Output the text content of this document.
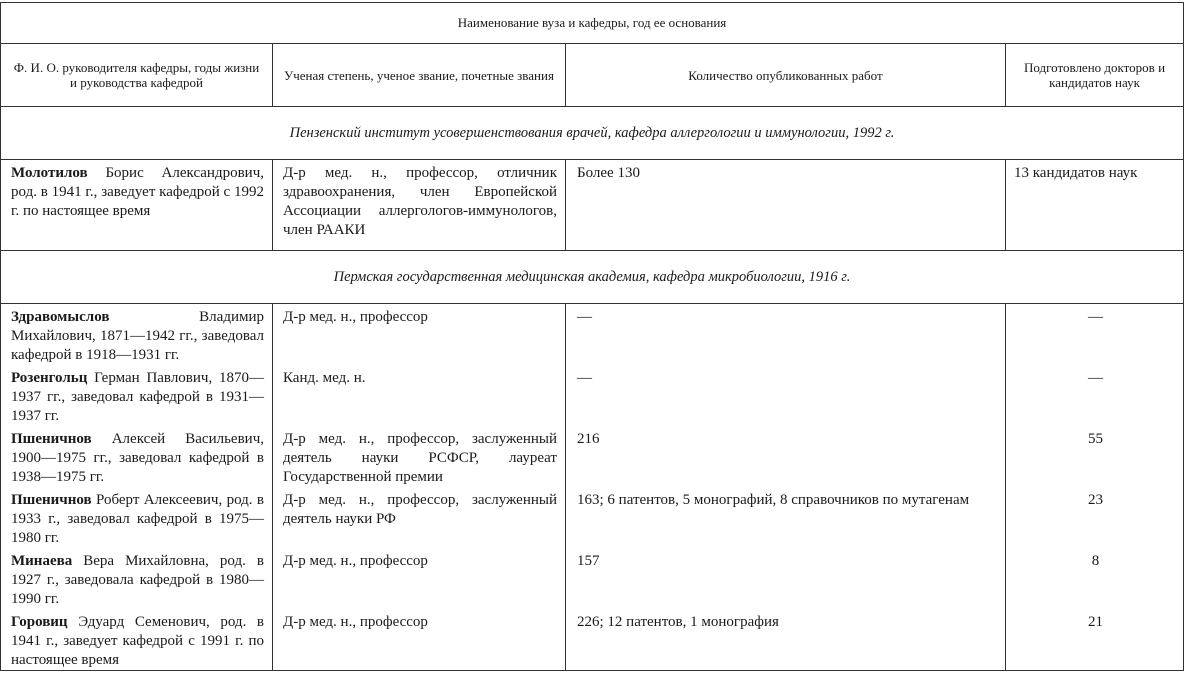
Наименование вуза и кафедры, год ее основания			
Ф. И. О. руководителя кафедры, годы жизни и руководства кафедрой	Ученая степень, ученое звание, почетные звания	Количество опубликованных работ	Подготовлено докторов и кандидатов наук
Пензенский институт усовершенствования врачей, кафедра аллергологии и иммунологии, 1992 г.			
Молотилов Борис Александрович, род. в 1941 г., заведует кафедрой с 1992 г. по настоящее время	Д-р мед. н., профессор, отличник здравоохранения, член Европейской Ассоциации аллергологов-иммунологов, член РААКИ	Более 130	13 кандидатов наук
Пермская государственная медицинская академия, кафедра микробиологии, 1916 г.			
Здравомыслов Владимир Михайлович, 1871—1942 гг., заведовал кафедрой в 1918—1931 гг.	Д-р мед. н., профессор	—	—
Розенгольц Герман Павлович, 1870—1937 гг., заведовал кафедрой в 1931—1937 гг.	Канд. мед. н.	—	—
Пшеничнов Алексей Васильевич, 1900—1975 гг., заведовал кафедрой в 1938—1975 гг.	Д-р мед. н., профессор, заслуженный деятель науки РСФСР, лауреат Государственной премии	216	55
Пшеничнов Роберт Алексеевич, род. в 1933 г., заведовал кафедрой в 1975—1980 гг.	Д-р мед. н., профессор, заслуженный деятель науки РФ	163; 6 патентов, 5 монографий, 8 справочников по мутагенам	23
Минаева Вера Михайловна, род. в 1927 г., заведовала кафедрой в 1980—1990 гг.	Д-р мед. н., профессор	157	8
Горовиц Эдуард Семенович, род. в 1941 г., заведует кафедрой с 1991 г. по настоящее время	Д-р мед. н., профессор	226; 12 патентов, 1 монография	21
